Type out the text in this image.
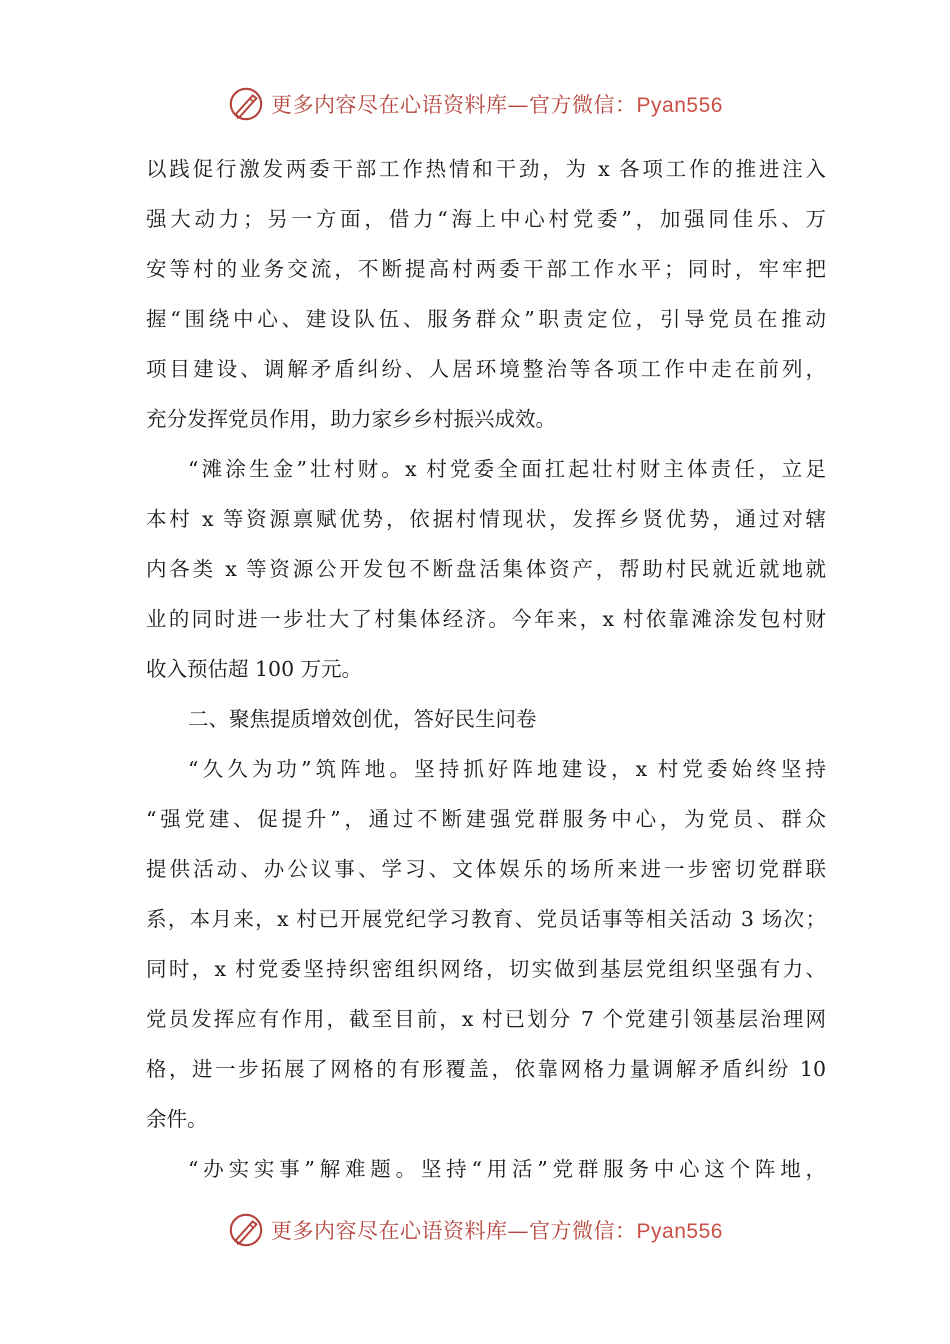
更多内容尽在心语资料库—官方微信：Pyan556
以践促行激发两委干部工作热情和干劲，为 x 各项工作的推进注入
强大动力；另一方面，借力“海上中心村党委”，加强同佳乐、万
安等村的业务交流，不断提高村两委干部工作水平；同时，牢牢把
握“围绕中心、建设队伍、服务群众”职责定位，引导党员在推动
项目建设、调解矛盾纠纷、人居环境整治等各项工作中走在前列，
充分发挥党员作用，助力家乡乡村振兴成效。
“滩涂生金”壮村财。x 村党委全面扛起壮村财主体责任，立足
本村 x 等资源禀赋优势，依据村情现状，发挥乡贤优势，通过对辖
内各类 x 等资源公开发包不断盘活集体资产，帮助村民就近就地就
业的同时进一步壮大了村集体经济。今年来，x 村依靠滩涂发包村财
收入预估超 100 万元。
二、聚焦提质增效创优，答好民生问卷
“久久为功”筑阵地。坚持抓好阵地建设，x 村党委始终坚持
“强党建、促提升”，通过不断建强党群服务中心，为党员、群众
提供活动、办公议事、学习、文体娱乐的场所来进一步密切党群联
系，本月来，x 村已开展党纪学习教育、党员话事等相关活动 3 场次；
同时，x 村党委坚持织密组织网络，切实做到基层党组织坚强有力、
党员发挥应有作用，截至目前，x 村已划分 7 个党建引领基层治理网
格，进一步拓展了网格的有形覆盖，依靠网格力量调解矛盾纠纷 10
余件。
“办实实事”解难题。坚持“用活”党群服务中心这个阵地，
更多内容尽在心语资料库—官方微信：Pyan556
